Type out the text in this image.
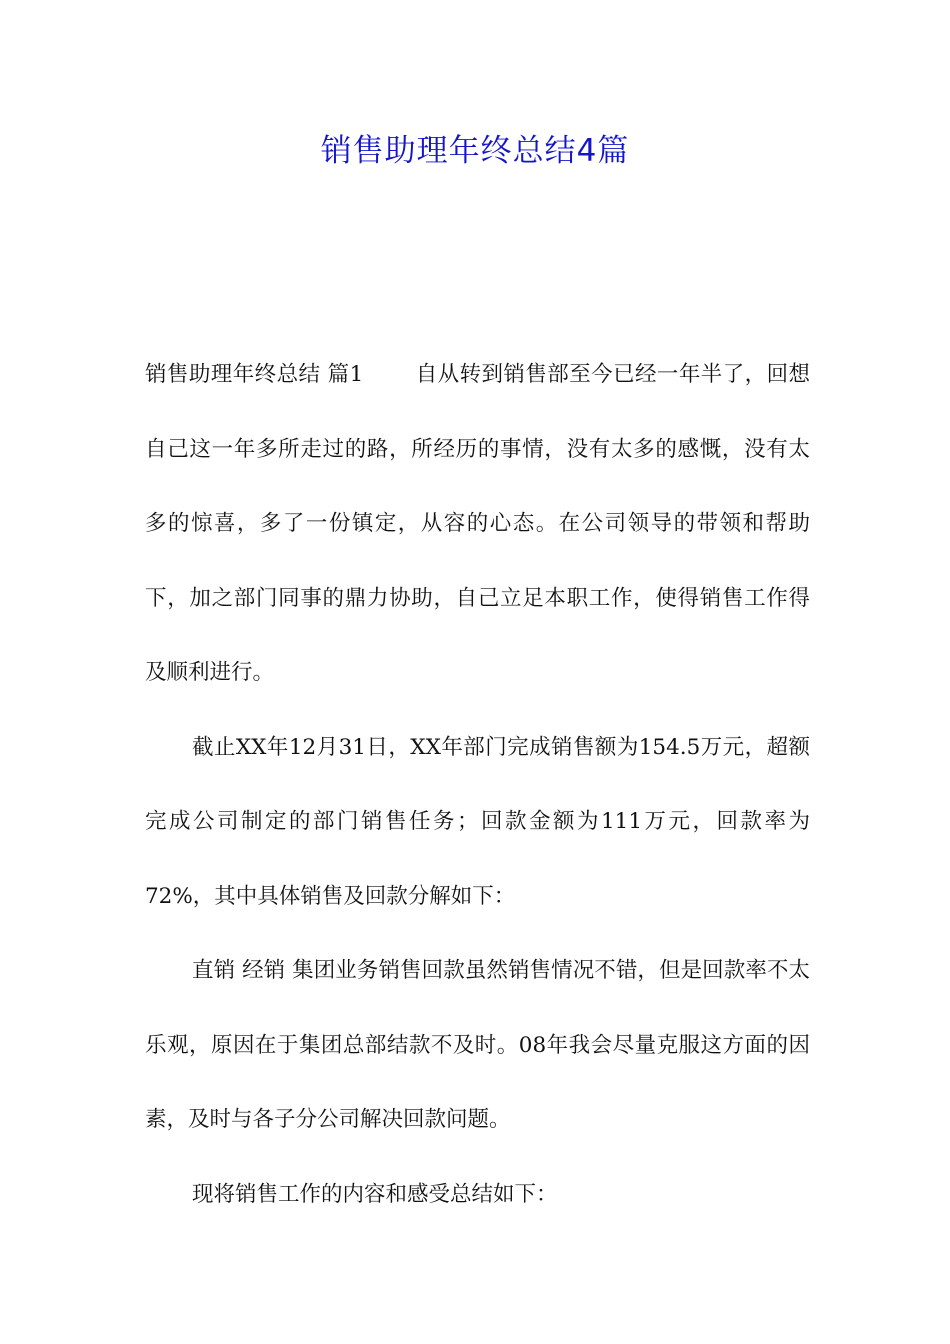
销售助理年终总结4篇

销售助理年终总结 篇1 自从转到销售部至今已经一年半了，回想自己这一年多所走过的路，所经历的事情，没有太多的感慨，没有太多的惊喜，多了一份镇定，从容的心态。在公司领导的带领和帮助下，加之部门同事的鼎力协助，自己立足本职工作，使得销售工作得及顺利进行。

截止XX年12月31日，XX年部门完成销售额为154.5万元，超额完成公司制定的部门销售任务；回款金额为111万元，回款率为72%，其中具体销售及回款分解如下：

直销 经销 集团业务销售回款虽然销售情况不错，但是回款率不太乐观，原因在于集团总部结款不及时。08年我会尽量克服这方面的因素，及时与各子分公司解决回款问题。

现将销售工作的内容和感受总结如下：
